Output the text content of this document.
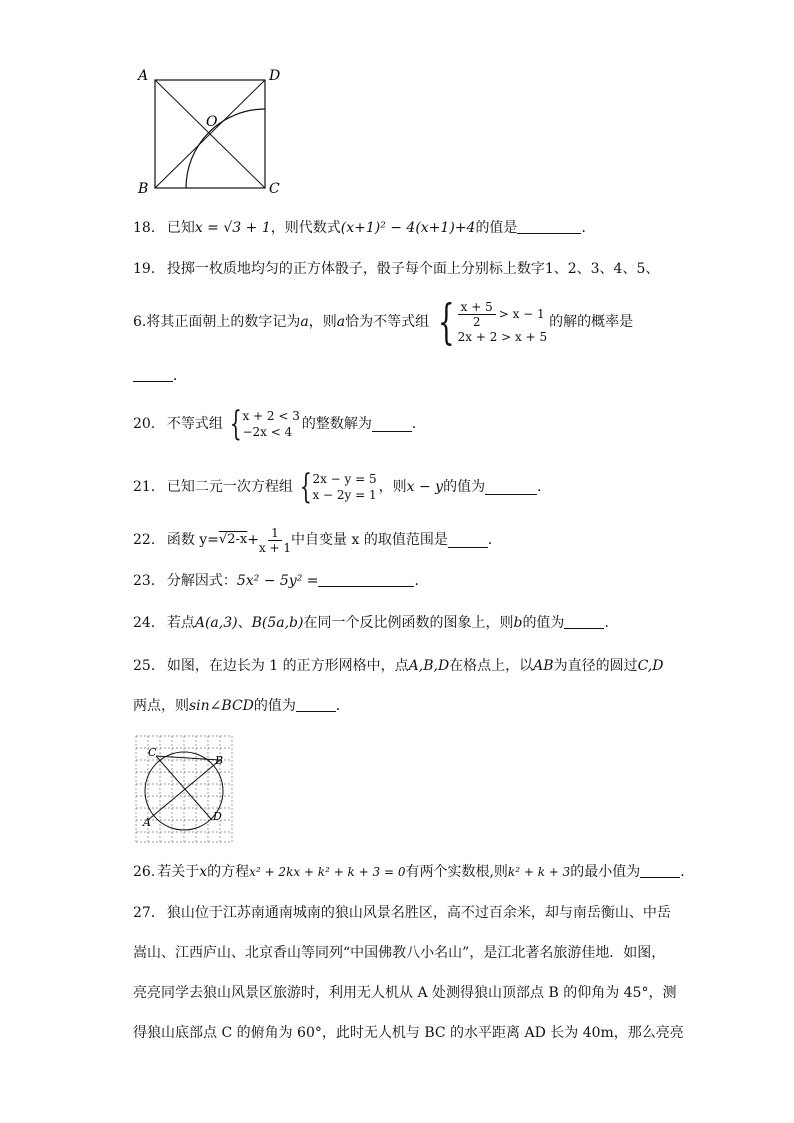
A	D
B	C
O
18． 已知x = √3 + 1，则代数式(x+1)² − 4(x+1)+4的值是	．
19． 投掷一枚质地均匀的正方体骰子，骰子每个面上分别标上数字1、2、3、4、5、
6.将其正面朝上的数字记为 a ，则 a 恰为不等式组 { $\frac{x + 5}{2} > x - 1$
2x + 2 > x + 5
的解的概率是
．
20． 不等式组 { x + 2 < 3
−2x < 4 的整数解为	．
21． 已知二元一次方程组 { 2x − y = 5
x − 2y = 1 ，则 x − y 的值为	．
22． 函数 $y= √2-x + \frac{1}{x + 1}$ 中自变量 x 的取值范围是	．
23． 分解因式：5x² − 5y² =	．
24． 若点A(a,3)、B(5a,b)在同一个反比例函数的图象上，则b的值为	．
25． 如图，在边长为 1 的正方形网格中，点A,B,D在格点上，以AB为直径的圆过C,D
两点，则sin∠BCD的值为	．
C
B
A	D
26. 若关于x的方程x² + 2kx + k² + k + 3 = 0有两个实数根,则k² + k + 3的最小值为	．
27． 狼山位于江苏南通南城南的狼山风景名胜区，高不过百余米，却与南岳衡山、中岳
嵩山、江西庐山、北京香山等同列“中国佛教八小名山”，是江北著名旅游佳地．如图，
亮亮同学去狼山风景区旅游时，利用无人机从 A 处测得狼山顶部点 B 的仰角为 45°，测
得狼山底部点 C 的俯角为 60°，此时无人机与 BC 的水平距离 AD 长为 40m，那么亮亮
